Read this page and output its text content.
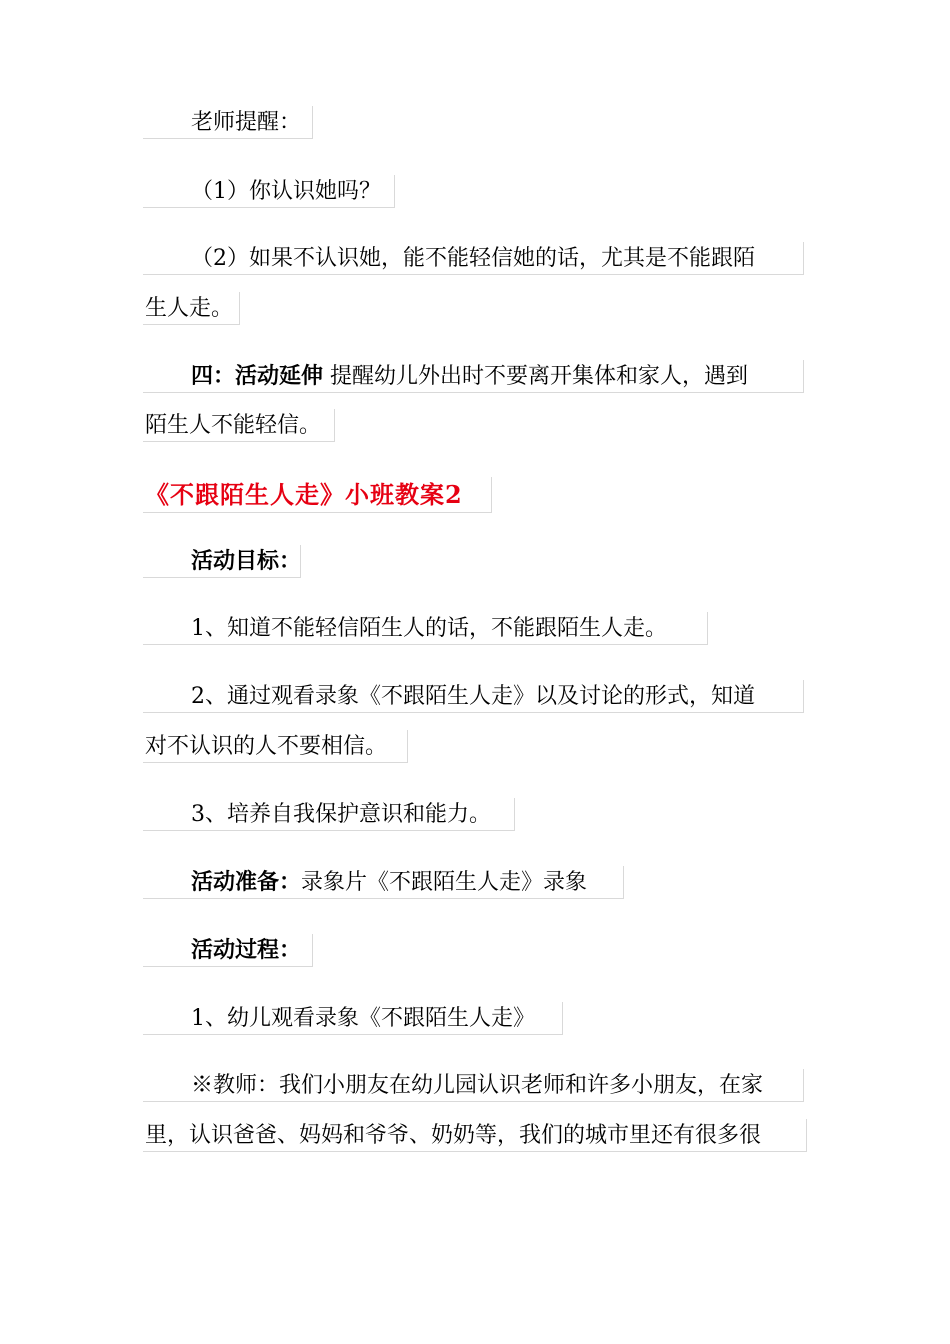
老师提醒：
（1）你认识她吗？
（2）如果不认识她，能不能轻信她的话，尤其是不能跟陌
生人走。
四：活动延伸 提醒幼儿外出时不要离开集体和家人，遇到
陌生人不能轻信。
《不跟陌生人走》小班教案2
活动目标：
1、知道不能轻信陌生人的话，不能跟陌生人走。
2、通过观看录象《不跟陌生人走》以及讨论的形式，知道
对不认识的人不要相信。
3、培养自我保护意识和能力。
活动准备：录象片《不跟陌生人走》录象
活动过程：
1、幼儿观看录象《不跟陌生人走》
※教师：我们小朋友在幼儿园认识老师和许多小朋友，在家
里，认识爸爸、妈妈和爷爷、奶奶等，我们的城市里还有很多很
